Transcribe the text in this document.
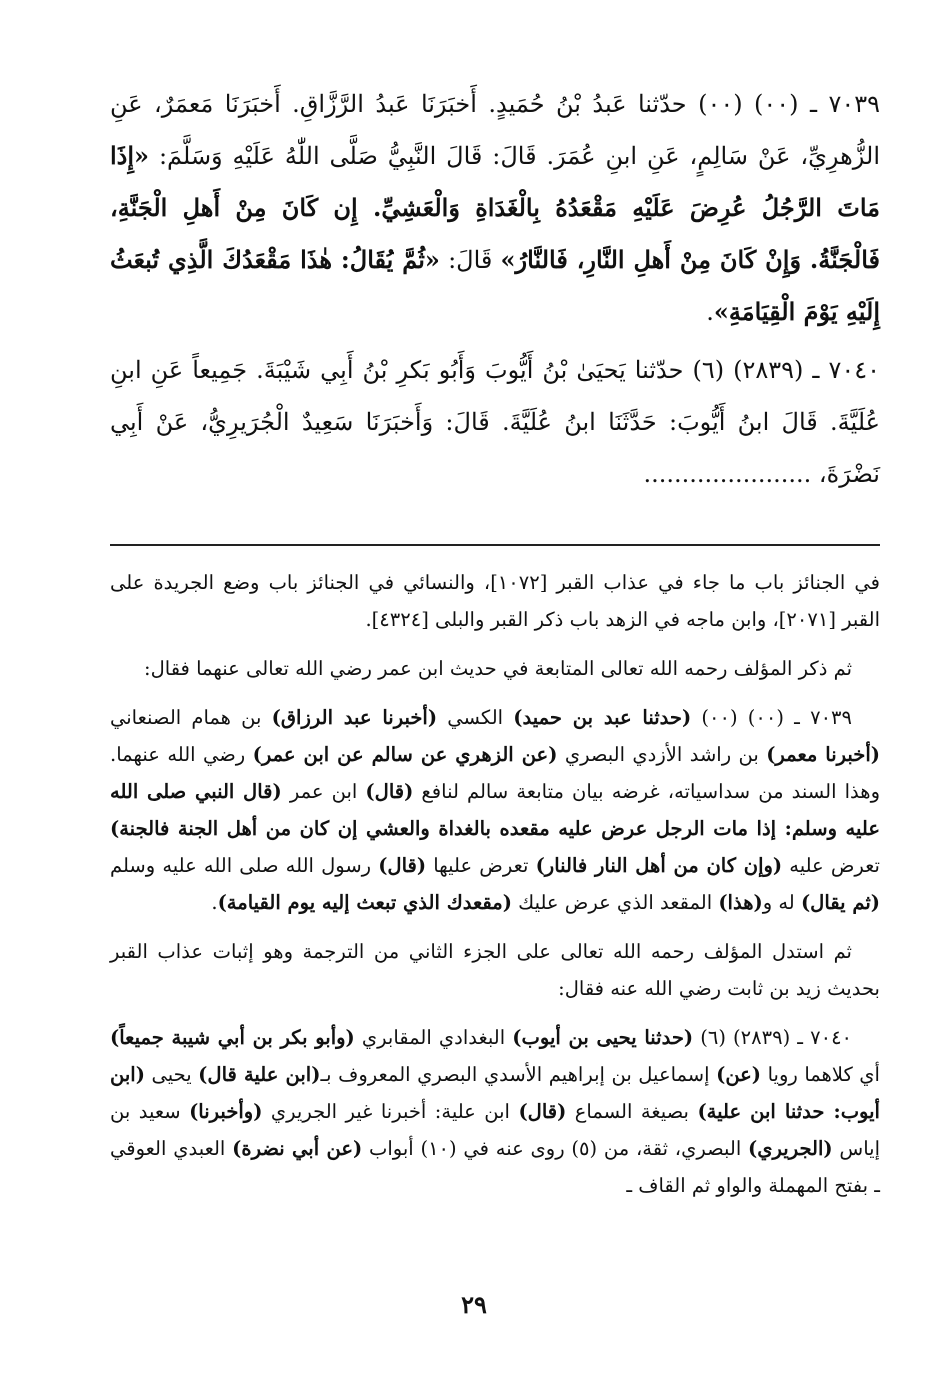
٧٠٣٩ ـ (٠٠) (٠٠) حدّثنا عَبدُ بْنُ حُمَيدٍ. أَخبَرَنَا عَبدُ الرَّزَّاقِ. أَخبَرَنَا مَعمَرٌ، عَنِ الزُّهرِيِّ، عَنْ سَالِمٍ، عَنِ ابنِ عُمَرَ. قَالَ: قَالَ النَّبِيُّ صَلَّى اللّٰهُ عَلَيْهِ وَسَلَّمَ: «إِذَا مَاتَ الرَّجُلُ عُرِضَ عَلَيْهِ مَقْعَدُهُ بِالْغَدَاةِ وَالْعَشِيِّ. إِن كَانَ مِنْ أَهلِ الْجَنَّةِ، فَالْجَنَّةُ. وَإِنْ كَانَ مِنْ أَهلِ النَّارِ، فَالنَّارُ» قَالَ: «ثُمَّ يُقَالُ: هٰذَا مَقْعَدُكَ الَّذِي تُبعَثُ إِلَيْهِ يَوْمَ الْقِيَامَةِ».

٧٠٤٠ ـ (٢٨٣٩) (٦) حدّثنا يَحيَىٰ بْنُ أَيُّوبَ وَأَبُو بَكرِ بْنُ أَبِي شَيْبَةَ. جَمِيعاً عَنِ ابنِ عُلَيَّةَ. قَالَ ابنُ أَيُّوبَ: حَدَّثَنَا ابنُ عُلَيَّةَ. قَالَ: وَأَخبَرَنَا سَعِيدٌ الْجُرَيرِيُّ، عَنْ أَبِي نَضْرَةَ، ......................

في الجنائز باب ما جاء في عذاب القبر [١٠٧٢]، والنسائي في الجنائز باب وضع الجريدة على القبر [٢٠٧١]، وابن ماجه في الزهد باب ذكر القبر والبلى [٤٣٢٤].

ثم ذكر المؤلف رحمه الله تعالى المتابعة في حديث ابن عمر رضي الله تعالى عنهما فقال:

٧٠٣٩ ـ (٠٠) (٠٠) (حدثنا عبد بن حميد) الكسي (أخبرنا عبد الرزاق) بن همام الصنعاني (أخبرنا معمر) بن راشد الأزدي البصري (عن الزهري عن سالم عن ابن عمر) رضي الله عنهما. وهذا السند من سداسياته، غرضه بيان متابعة سالم لنافع (قال) ابن عمر (قال النبي صلى الله عليه وسلم: إذا مات الرجل عرض عليه مقعده بالغداة والعشي إن كان من أهل الجنة فالجنة) تعرض عليه (وإن كان من أهل النار فالنار) تعرض عليها (قال) رسول الله صلى الله عليه وسلم (ثم يقال) له و(هذا) المقعد الذي عرض عليك (مقعدك الذي تبعث إليه يوم القيامة).

ثم استدل المؤلف رحمه الله تعالى على الجزء الثاني من الترجمة وهو إثبات عذاب القبر بحديث زيد بن ثابت رضي الله عنه فقال:

٧٠٤٠ ـ (٢٨٣٩) (٦) (حدثنا يحيى بن أيوب) البغدادي المقابري (وأبو بكر بن أبي شيبة جميعاً) أي كلاهما رويا (عن) إسماعيل بن إبراهيم الأسدي البصري المعروف بـ(ابن علية قال) يحيى (ابن أيوب: حدثنا ابن علية) بصيغة السماع (قال) ابن علية: أخبرنا غير الجريري (وأخبرنا) سعيد بن إياس (الجريري) البصري، ثقة، من (٥) روى عنه في (١٠) أبواب (عن أبي نضرة) العبدي العوقي ـ بفتح المهملة والواو ثم القاف ـ

٢٩
